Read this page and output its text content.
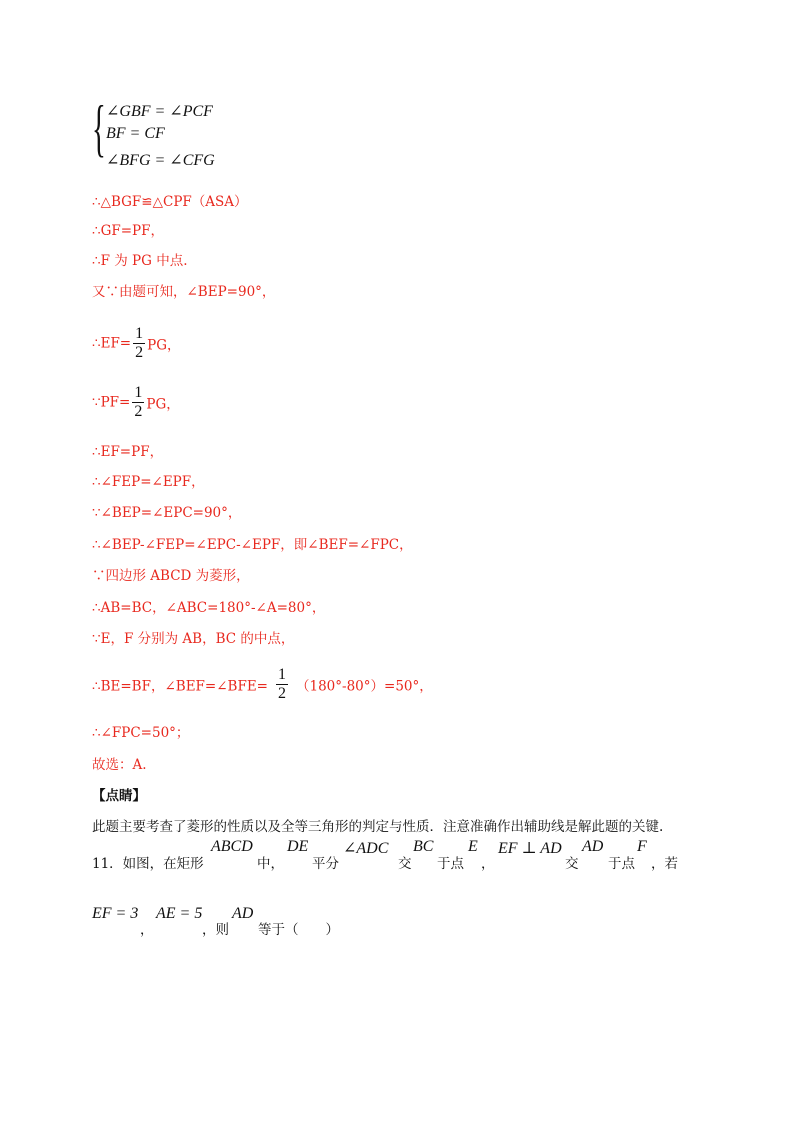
{ ∠GBF = ∠PCF
BF = CF
∠BFG = ∠CFG
∴△BGF≌△CPF（ASA）
∴GF=PF，
∴F 为 PG 中点.
又∵由题可知，∠BEP=90°，
∴EF= $\frac{1}{2}$ PG，
∵PF= $\frac{1}{2}$ PG，
∴EF=PF，
∴∠FEP=∠EPF，
∵∠BEP=∠EPC=90°，
∴∠BEP-∠FEP=∠EPC-∠EPF，即∠BEF=∠FPC，
∵四边形 ABCD 为菱形，
∴AB=BC，∠ABC=180°-∠A=80°，
∵E，F 分别为 AB，BC 的中点，
∴BE=BF，∠BEF=∠BFE= $\frac{1}{2} (180^\circ-80^\circ)=50^\circ$，
∴∠FPC=50°；
故选：A.
【点睛】
此题主要考查了菱形的性质以及全等三角形的判定与性质．注意准确作出辅助线是解此题的关键.
11．如图，在矩形
ABCD
中，
DE
平分
∠ADC
交
BC
于点
E
，
EF ⊥ AD
交
AD
于点
F
，若
EF = 3
，
AE = 5
，则
AD
等于（　　）
